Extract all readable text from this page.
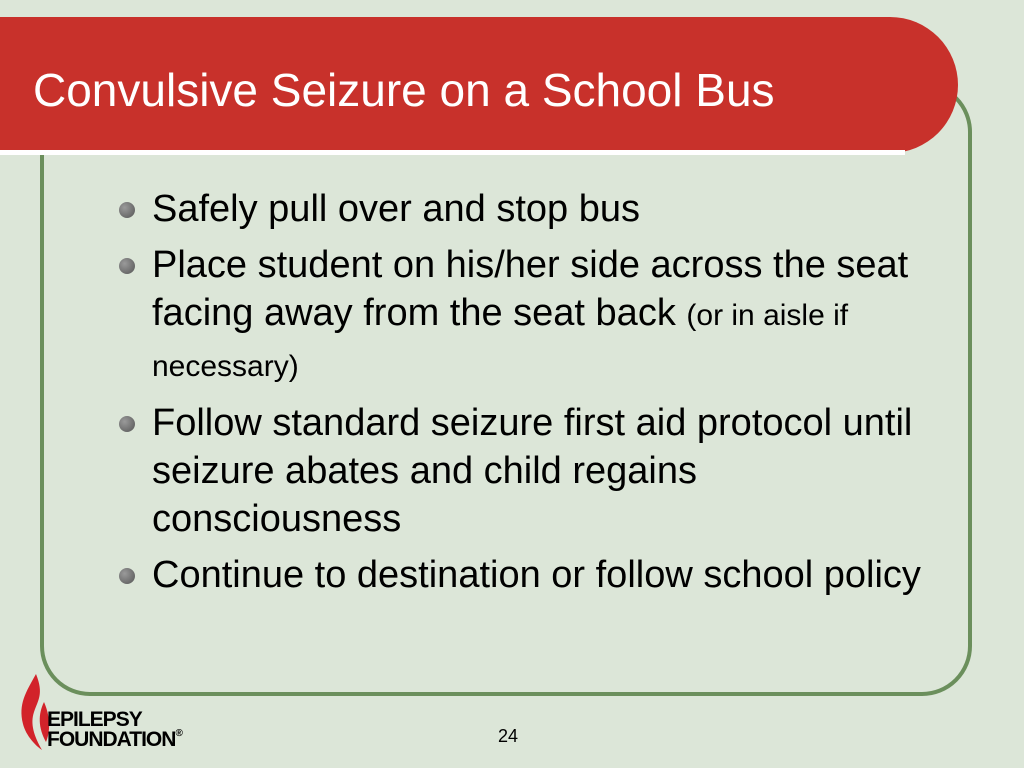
Convulsive Seizure on a School Bus
Safely pull over and stop bus
Place student on his/her side across the seat facing away from the seat back (or in aisle if necessary)
Follow standard seizure first aid protocol until seizure abates and child regains consciousness
Continue to destination or follow school policy
EPILEPSY
FOUNDATION®	24
